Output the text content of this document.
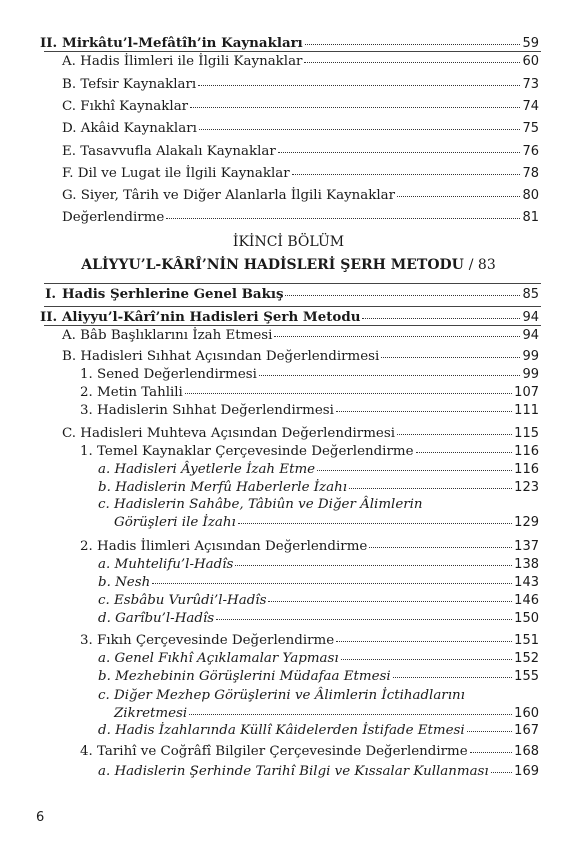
II. Mirkâtu’l-Mefâtîh’in Kaynakları	59
A. Hadis İlimleri ile İlgili Kaynaklar	60
B. Tefsir Kaynakları	73
C. Fıkhî Kaynaklar	74
D. Akâid Kaynakları	75
E. Tasavvufla Alakalı Kaynaklar	76
F. Dil ve Lugat ile İlgili Kaynaklar	78
G. Siyer, Târih ve Diğer Alanlarla İlgili Kaynaklar	80
Değerlendirme	81
I. Hadis Şerhlerine Genel Bakış	85
II. Aliyyu’l-Kârî’nin Hadisleri Şerh Metodu	94
A. Bâb Başlıklarını İzah Etmesi	94
B. Hadisleri Sıhhat Açısından Değerlendirmesi	99
1. Sened Değerlendirmesi	99
2. Metin Tahlili	107
3. Hadislerin Sıhhat Değerlendirmesi	111
C. Hadisleri Muhteva Açısından Değerlendirmesi	115
1. Temel Kaynaklar Çerçevesinde Değerlendirme	116
a. Hadisleri Âyetlerle İzah Etme	116
b. Hadislerin Merfû Haberlerle İzahı	123
c. Hadislerin Sahâbe, Tâbiûn ve Diğer Âlimlerin
Görüşleri ile İzahı	129
2. Hadis İlimleri Açısından Değerlendirme	137
a. Muhtelifu’l-Hadîs	138
b. Nesh	143
c. Esbâbu Vurûdi’l-Hadîs	146
d. Garîbu’l-Hadîs	150
3. Fıkıh Çerçevesinde Değerlendirme	151
a. Genel Fıkhî Açıklamalar Yapması	152
b. Mezhebinin Görüşlerini Müdafaa Etmesi	155
c. Diğer Mezhep Görüşlerini ve Âlimlerin İctihadlarını
Zikretmesi	160
d. Hadis İzahlarında Küllî Kâidelerden İstifade Etmesi	167
4. Tarihî ve Coğrâfî Bilgiler Çerçevesinde Değerlendirme	168
a. Hadislerin Şerhinde Tarihî Bilgi ve Kıssalar Kullanması 169
İKİNCİ BÖLÜM
ALİYYU’L-KÂRÎ’NİN HADİSLERİ ŞERH METODU / 83
6
